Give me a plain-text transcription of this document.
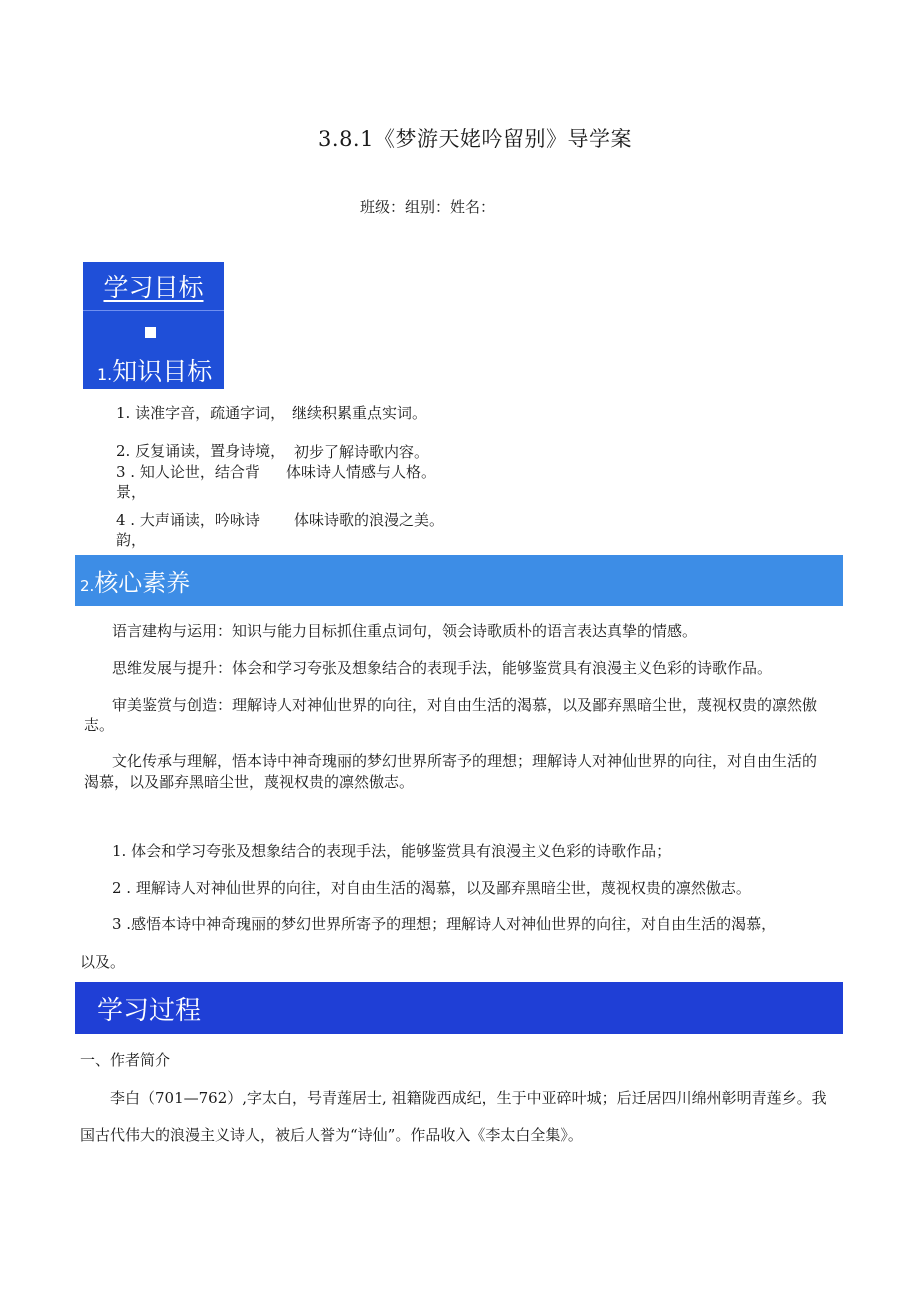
3.8.1《梦游天姥吟留别》导学案
班级：组别：姓名：
学习目标
1.知识目标
1. 读准字音，疏通字词， 继续积累重点实词。
2. 反复诵读，置身诗境， 初步了解诗歌内容。
3 . 知人论世，结合背 体味诗人情感与人格。
景，
4 . 大声诵读，吟咏诗 体味诗歌的浪漫之美。
韵，
2.核心素养
语言建构与运用：知识与能力目标抓住重点词句，领会诗歌质朴的语言表达真挚的情感。
思维发展与提升：体会和学习夸张及想象结合的表现手法，能够鉴赏具有浪漫主义色彩的诗歌作品。
审美鉴赏与创造：理解诗人对神仙世界的向往，对自由生活的渴慕，以及鄙弃黑暗尘世，蔑视权贵的凛然傲
志。
文化传承与理解，悟本诗中神奇瑰丽的梦幻世界所寄予的理想；理解诗人对神仙世界的向往，对自由生活的
渴慕，以及鄙弃黑暗尘世，蔑视权贵的凛然傲志。
1. 体会和学习夸张及想象结合的表现手法，能够鉴赏具有浪漫主义色彩的诗歌作品；
2 . 理解诗人对神仙世界的向往，对自由生活的渴慕，以及鄙弃黑暗尘世，蔑视权贵的凛然傲志。
3 .感悟本诗中神奇瑰丽的梦幻世界所寄予的理想；理解诗人对神仙世界的向往，对自由生活的渴慕，
以及。
学习过程
一、作者简介
李白（701—762）,字太白，号青莲居士, 祖籍陇西成纪，生于中亚碎叶城；后迁居四川绵州彰明青莲乡。我
国古代伟大的浪漫主义诗人，被后人誉为“诗仙”。作品收入《李太白全集》。
